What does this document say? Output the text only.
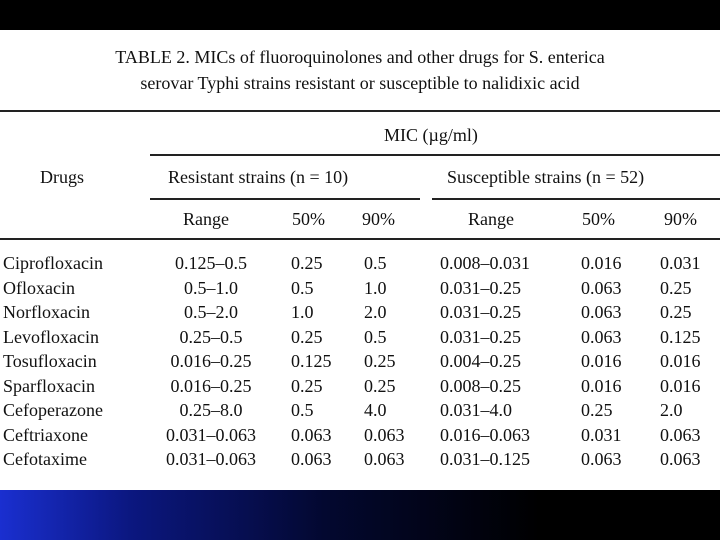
TABLE 2. MICs of fluoroquinolones and other drugs for S. enterica
serovar Typhi strains resistant or susceptible to nalidixic acid
MIC (µg/ml)
Drugs	Resistant strains (n = 10)	Susceptible strains (n = 52)
Range	50% 90%	Range	50%	90%
Ciprofloxacin	0.125–0.5	0.25 0.5	0.008–0.031	0.016 0.031
Ofloxacin	0.5–1.0	0.5	1.0	0.031–0.25	0.063 0.25
Norfloxacin	0.5–2.0	1.0	2.0	0.031–0.25	0.063 0.25
Levofloxacin	0.25–0.5	0.25 0.5	0.031–0.25	0.063 0.125
Tosufloxacin	0.016–0.25	0.125 0.25 0.004–0.25	0.016 0.016
Sparfloxacin	0.016–0.25	0.25 0.25 0.008–0.25	0.016 0.016
Cefoperazone	0.25–8.0	0.5	4.0	0.031–4.0	0.25	2.0
Ceftriaxone	0.031–0.063	0.063 0.063 0.016–0.063	0.031 0.063
Cefotaxime	0.031–0.063	0.063 0.063 0.031–0.125	0.063 0.063
